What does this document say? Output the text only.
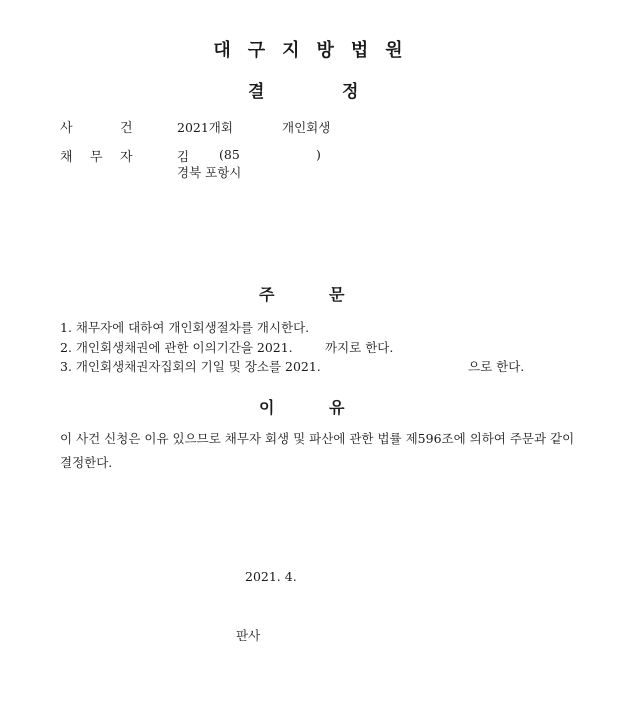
대구지방법원
결	정
사	건	2021개회	개인회생
채 무 자	김 (85	)
경북 포항시
주	문
1. 채무자에 대하여 개인회생절차를 개시한다.
2. 개인회생채권에 관한 이의기간을 2021.	까지로 한다.
3. 개인회생채권자집회의 기일 및 장소를 2021.	으로 한다.
이	유
이 사건 신청은 이유 있으므로 채무자 회생 및 파산에 관한 법률 제596조에 의하여 주문과 같이 결정한다.
2021. 4.
판사
